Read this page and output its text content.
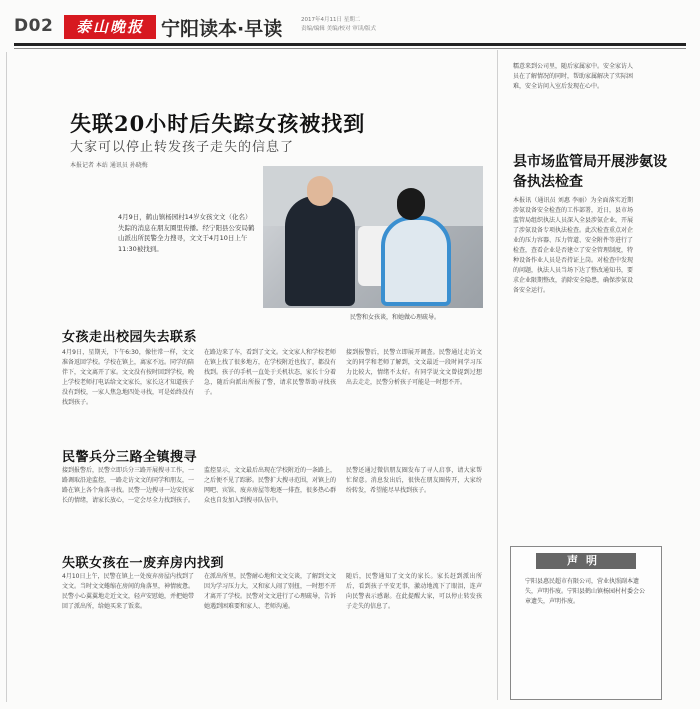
D02	泰山晚报 宁阳读本·早读	2017年4月11日 星期二
责编/编辑 美编/校对 审读/版式
失联20小时后失踪女孩被找到
大家可以停止转发孩子走失的信息了
本报记者 本站 通讯员 孙晓梅
4月9日，鹤山镇杨园村14岁女孩文文（化名）失踪的消息在朋友圈里传播。经宁阳县公安局鹤山派出所民警全力搜寻，文文于4月10日上午11:30被找到。
民警和女孩谈，和她做心理疏导。
女孩走出校园失去联系
4月9日，星期天，下午6:30，像往常一样，文文准备返回学校。学校在镇上，离家不远。同学的陪伴下，文文离开了家。文文没有按时回到学校，晚上学校老师打电话给文文家长，家长这才知道孩子没有到校，一家人焦急地四处寻找，可是始终没有找到孩子。
在路边来了车，看到了文文。文文家人和学校老师在镇上找了很多地方，在学校附近也找了，都没有找到。孩子的手机一直处于关机状态，家长十分着急，随后向派出所报了警，请求民警帮助寻找孩子。
接到报警后，民警立即展开调查。民警通过走访文文的同学和老师了解到，文文最近一段时间学习压力比较大，情绪不太好。有同学说文文曾提到过想出去走走，民警分析孩子可能是一时想不开。
民警兵分三路全镇搜寻
接到报警后，民警立即兵分三路开展搜寻工作，一路调取沿途监控，一路走访文文的同学和朋友，一路在镇上各个角落寻找。民警一边搜寻一边安抚家长的情绪，请家长放心，一定会尽全力找到孩子。
监控显示，文文最后出现在学校附近的一条路上，之后便不见了踪影。民警扩大搜寻范围，对镇上的网吧、宾馆、废弃房屋等地逐一排查，很多热心群众也自发加入到搜寻队伍中。
民警还通过微信朋友圈发布了寻人启事，请大家帮忙留意。消息发出后，很快在朋友圈传开，大家纷纷转发，希望能尽早找到孩子。
失联女孩在一废弃房内找到
4月10日上午，民警在镇上一处废弃房屋内找到了文文。当时文文蜷缩在房间的角落里，神情疲惫。民警小心翼翼地走近文文，轻声安慰她，并把她带回了派出所，给她买来了饭菜。
在派出所里，民警耐心地和文文交谈，了解到文文因为学习压力大，又和家人闹了别扭，一时想不开才离开了学校。民警对文文进行了心理疏导，告诉她遇到困难要和家人、老师沟通。
随后，民警通知了文文的家长。家长赶到派出所后，看到孩子平安无事，激动地流下了眼泪，连声向民警表示感谢。在此提醒大家，可以停止转发孩子走失的信息了。
糯意来到公司里，随后家属家中。安全家访人员在了解情况的同时，帮助家属解决了实际困难，安全访问入室后发现在心中。
县市场监管局开展涉氨设备执法检查
本报讯（通讯员 刘惠 李丽）为全面落实近期涉氨设备安全检查的工作部署，近日，县市场监管局组织执法人员深入全县涉氨企业，开展了涉氨设备专项执法检查。此次检查重点对企业的压力容器、压力管道、安全附件等进行了检查，查看企业是否建立了安全管理制度，特种设备作业人员是否持证上岗。对检查中发现的问题，执法人员当场下达了整改通知书，要求企业限期整改，消除安全隐患，确保涉氨设备安全运行。
声明
宁阳县惠民超市有限公司，营业执照副本遗失，声明作废。宁阳县鹤山镇杨园村村委会公章遗失，声明作废。
